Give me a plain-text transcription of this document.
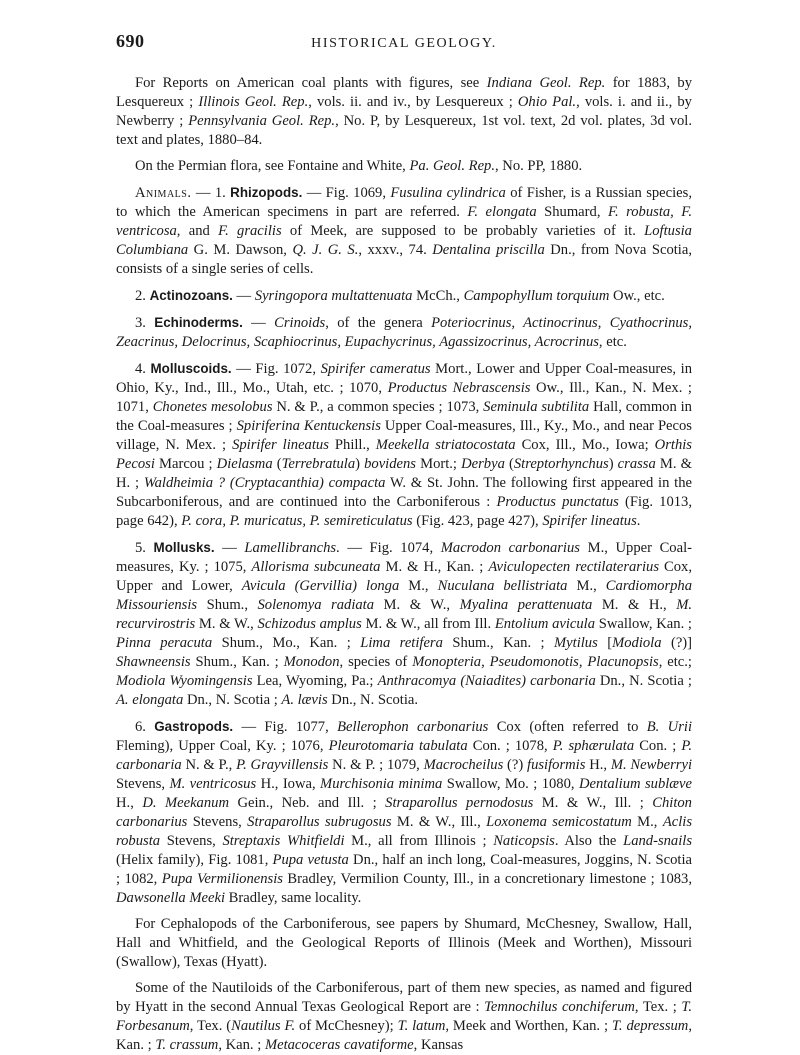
690	HISTORICAL GEOLOGY.

For Reports on American coal plants with figures, see Indiana Geol. Rep. for 1883, by Lesquereux ; Illinois Geol. Rep., vols. ii. and iv., by Lesquereux ; Ohio Pal., vols. i. and ii., by Newberry ; Pennsylvania Geol. Rep., No. P, by Lesquereux, 1st vol. text, 2d vol. plates, 3d vol. text and plates, 1880–84.

On the Permian flora, see Fontaine and White, Pa. Geol. Rep., No. PP, 1880.

Animals. — 1. Rhizopods. — Fig. 1069, Fusulina cylindrica of Fisher, is a Russian species, to which the American specimens in part are referred. F. elongata Shumard, F. robusta, F. ventricosa, and F. gracilis of Meek, are supposed to be probably varieties of it. Loftusia Columbiana G. M. Dawson, Q. J. G. S., xxxv., 74. Dentalina priscilla Dn., from Nova Scotia, consists of a single series of cells.

2. Actinozoans. — Syringopora multattenuata McCh., Campophyllum torquium Ow., etc.

3. Echinoderms. — Crinoids, of the genera Poteriocrinus, Actinocrinus, Cyathocrinus, Zeacrinus, Delocrinus, Scaphiocrinus, Eupachycrinus, Agassizocrinus, Acrocrinus, etc.

4. Molluscoids. — Fig. 1072, Spirifer cameratus Mort., Lower and Upper Coal-measures, in Ohio, Ky., Ind., Ill., Mo., Utah, etc. ; 1070, Productus Nebrascensis Ow., Ill., Kan., N. Mex. ; 1071, Chonetes mesolobus N. & P., a common species ; 1073, Seminula subtilita Hall, common in the Coal-measures ; Spiriferina Kentuckensis Upper Coal-measures, Ill., Ky., Mo., and near Pecos village, N. Mex. ; Spirifer lineatus Phill., Meekella striatocostata Cox, Ill., Mo., Iowa; Orthis Pecosi Marcou ; Dielasma (Terrebratula) bovidens Mort.; Derbya (Streptorhynchus) crassa M. & H. ; Waldheimia ? (Cryptacanthia) compacta W. & St. John. The following first appeared in the Subcarboniferous, and are continued into the Carboniferous : Productus punctatus (Fig. 1013, page 642), P. cora, P. muricatus, P. semireticulatus (Fig. 423, page 427), Spirifer lineatus.

5. Mollusks. — Lamellibranchs. — Fig. 1074, Macrodon carbonarius M., Upper Coal-measures, Ky. ; 1075, Allorisma subcuneata M. & H., Kan. ; Aviculopecten rectilaterarius Cox, Upper and Lower, Avicula (Gervillia) longa M., Nuculana bellistriata M., Cardiomorpha Missouriensis Shum., Solenomya radiata M. & W., Myalina perattenuata M. & H., M. recurvirostris M. & W., Schizodus amplus M. & W., all from Ill. Entolium avicula Swallow, Kan. ; Pinna peracuta Shum., Mo., Kan. ; Lima retifera Shum., Kan. ; Mytilus [Modiola (?)] Shawneensis Shum., Kan. ; Monodon, species of Monopteria, Pseudomonotis, Placunopsis, etc.; Modiola Wyomingensis Lea, Wyoming, Pa.; Anthracomya (Naiadites) carbonaria Dn., N. Scotia ; A. elongata Dn., N. Scotia ; A. lævis Dn., N. Scotia.

6. Gastropods. — Fig. 1077, Bellerophon carbonarius Cox (often referred to B. Urii Fleming), Upper Coal, Ky. ; 1076, Pleurotomaria tabulata Con. ; 1078, P. sphærulata Con. ; P. carbonaria N. & P., P. Grayvillensis N. & P. ; 1079, Macrocheilus (?) fusiformis H., M. Newberryi Stevens, M. ventricosus H., Iowa, Murchisonia minima Swallow, Mo. ; 1080, Dentalium sublæve H., D. Meekanum Gein., Neb. and Ill. ; Straparollus pernodosus M. & W., Ill. ; Chiton carbonarius Stevens, Straparollus subrugosus M. & W., Ill., Loxonema semicostatum M., Aclis robusta Stevens, Streptaxis Whitfieldi M., all from Illinois ; Naticopsis. Also the Land-snails (Helix family), Fig. 1081, Pupa vetusta Dn., half an inch long, Coal-measures, Joggins, N. Scotia ; 1082, Pupa Vermilionensis Bradley, Vermilion County, Ill., in a concretionary limestone ; 1083, Dawsonella Meeki Bradley, same locality.

For Cephalopods of the Carboniferous, see papers by Shumard, McChesney, Swallow, Hall, Hall and Whitfield, and the Geological Reports of Illinois (Meek and Worthen), Missouri (Swallow), Texas (Hyatt).

Some of the Nautiloids of the Carboniferous, part of them new species, as named and figured by Hyatt in the second Annual Texas Geological Report are : Temnochilus conchiferum, Tex. ; T. Forbesanum, Tex. (Nautilus F. of McChesney); T. latum, Meek and Worthen, Kan. ; T. depressum, Kan. ; T. crassum, Kan. ; Metacoceras cavatiforme, Kansas
